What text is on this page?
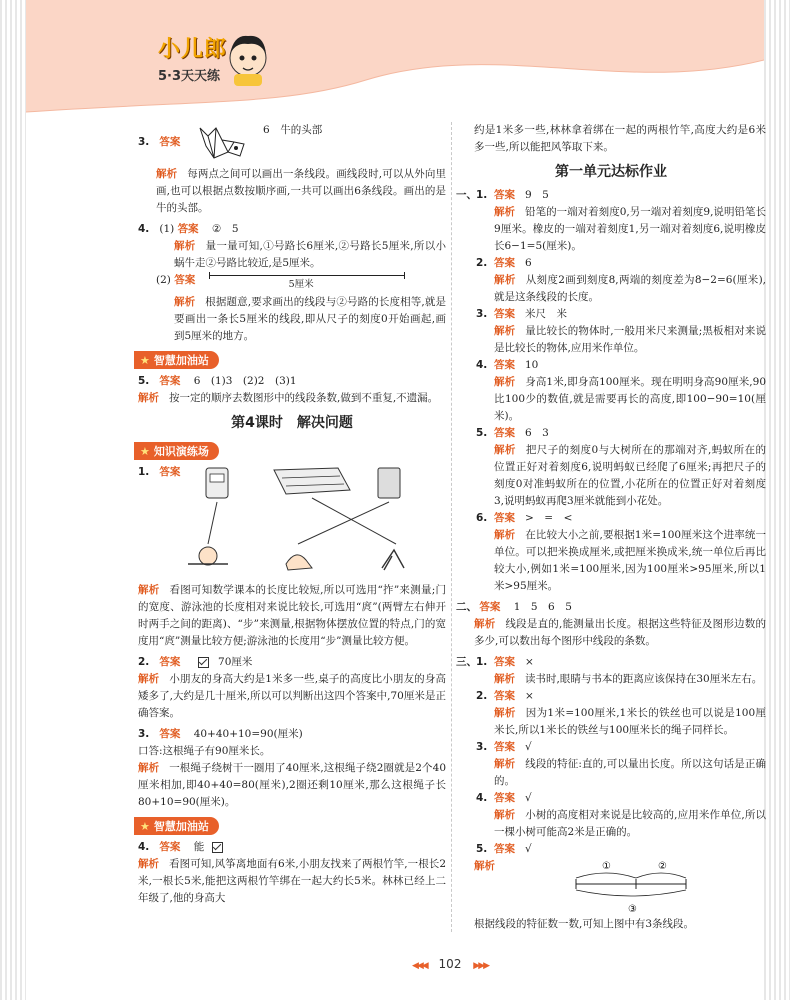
小儿郎
5·3天天练
3. 答案  6　牛的头部
解析 每两点之间可以画出一条线段。画线段时,可以从外向里画,也可以根据点数按顺序画,一共可以画出6条线段。画出的是牛的头部。
4. (1) 答案 ②　5
解析 量一量可知,①号路长6厘米,②号路长5厘米,所以小蜗牛走②号路比较近,是5厘米。
(2) 答案	5厘米
解析 根据题意,要求画出的线段与②号路的长度相等,就是要画出一条长5厘米的线段,即从尺子的刻度0开始画起,画到5厘米的地方。
★ 智慧加油站
5. 答案 6　(1)3　(2)2　(3)1
解析 按一定的顺序去数图形中的线段条数,做到不重复,不遗漏。
第4课时　解决问题
★ 知识演练场
1. 答案
解析 看图可知数学课本的长度比较短,所以可选用“拃”来测量;门的宽度、游泳池的长度相对来说比较长,可选用“庹”(两臂左右伸开时两手之间的距离)、“步”来测量,根据物体摆放位置的特点,门的宽度用“庹”测量比较方便;游泳池的长度用“步”测量比较方便。
2. 答案	70厘米
解析 小朋友的身高大约是1米多一些,桌子的高度比小朋友的身高矮多了,大约是几十厘米,所以可以判断出这四个答案中,70厘米是正确答案。
3. 答案 40+40+10=90(厘米)
口答:这根绳子有90厘米长。
解析 一根绳子绕树干一圈用了40厘米,这根绳子绕2圈就是2个40厘米相加,即40+40=80(厘米),2圈还剩10厘米,那么这根绳子长80+10=90(厘米)。
★ 智慧加油站
4. 答案 能
解析 看图可知,风筝离地面有6米,小朋友找来了两根竹竿,一根长2米,一根长5米,能把这两根竹竿绑在一起大约长5米。林林已经上二年级了,他的身高大
约是1米多一些,林林拿着绑在一起的两根竹竿,高度大约是6米多一些,所以能把风筝取下来。
第一单元达标作业
一、1. 答案 9　5
解析 铅笔的一端对着刻度0,另一端对着刻度9,说明铅笔长9厘米。橡皮的一端对着刻度1,另一端对着刻度6,说明橡皮长6−1=5(厘米)。
2. 答案 6
解析 从刻度2画到刻度8,两端的刻度差为8−2=6(厘米),就是这条线段的长度。
3. 答案 米尺　米
解析 量比较长的物体时,一般用米尺来测量;黑板相对来说是比较长的物体,应用米作单位。
4. 答案 10
解析 身高1米,即身高100厘米。现在明明身高90厘米,90比100少的数值,就是需要再长的高度,即100−90=10(厘米)。
5. 答案 6　3
解析 把尺子的刻度0与大树所在的那端对齐,蚂蚁所在的位置正好对着刻度6,说明蚂蚁已经爬了6厘米;再把尺子的刻度0对准蚂蚁所在的位置,小花所在的位置正好对着刻度3,说明蚂蚁再爬3厘米就能到小花处。
6. 答案 >　=　<
解析 在比较大小之前,要根据1米=100厘米这个进率统一单位。可以把米换成厘米,或把厘米换成米,统一单位后再比较大小,例如1米=100厘米,因为100厘米>95厘米,所以1米>95厘米。
二、 答案 1　5　6　5
解析 线段是直的,能测量出长度。根据这些特征及图形边数的多少,可以数出每个图形中线段的条数。
三、1. 答案 ×
解析 读书时,眼睛与书本的距离应该保持在30厘米左右。
2. 答案 ×
解析 因为1米=100厘米,1米长的铁丝也可以说是100厘米长,所以1米长的铁丝与100厘米长的绳子同样长。
3. 答案 √
解析 线段的特征:直的,可以量出长度。所以这句话是正确的。
4. 答案 √
解析 小树的高度相对来说是比较高的,应用米作单位,所以一棵小树可能高2米是正确的。
5. 答案 √
解析	①	②
③
根据线段的特征数一数,可知上图中有3条线段。
◀◀◀ 102 ▶▶▶
